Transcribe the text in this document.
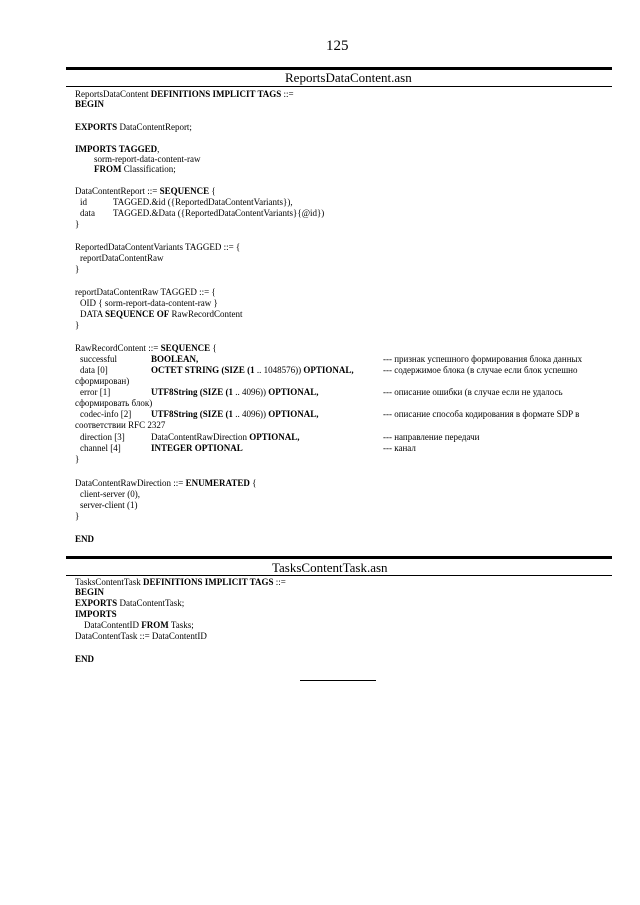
125
ReportsDataContent.asn
ReportsDataContent DEFINITIONS IMPLICIT TAGS ::=
BEGIN
EXPORTS DataContentReport;
IMPORTS TAGGED,
sorm-report-data-content-raw
FROM Classification;
DataContentReport ::= SEQUENCE {
id	TAGGED.&id ({ReportedDataContentVariants}),
data TAGGED.&Data ({ReportedDataContentVariants}{@id})
}
ReportedDataContentVariants TAGGED ::= {
reportDataContentRaw
}
reportDataContentRaw TAGGED ::= {
OID { sorm-report-data-content-raw }
DATA SEQUENCE OF RawRecordContent
}
RawRecordContent ::= SEQUENCE {
successful	BOOLEAN,	--- признак успешного формирования блока данных
data [0]	OCTET STRING (SIZE (1 .. 1048576)) OPTIONAL,	--- содержимое блока (в случае если блок успешно
сформирован)
error [1]	UTF8String (SIZE (1 .. 4096)) OPTIONAL,	--- описание ошибки (в случае если не удалось
сформировать блок)
codec-info [2] UTF8String (SIZE (1 .. 4096)) OPTIONAL,	--- описание способа кодирования в формате SDP в
соответствии RFC 2327
direction [3]	DataContentRawDirection OPTIONAL,	--- направление передачи
channel [4]	INTEGER OPTIONAL	--- канал
}
DataContentRawDirection ::= ENUMERATED {
client-server (0),
server-client (1)
}
END
TasksContentTask.asn
TasksContentTask DEFINITIONS IMPLICIT TAGS ::=
BEGIN
EXPORTS DataContentTask;
IMPORTS
DataContentID FROM Tasks;
DataContentTask ::= DataContentID
END
